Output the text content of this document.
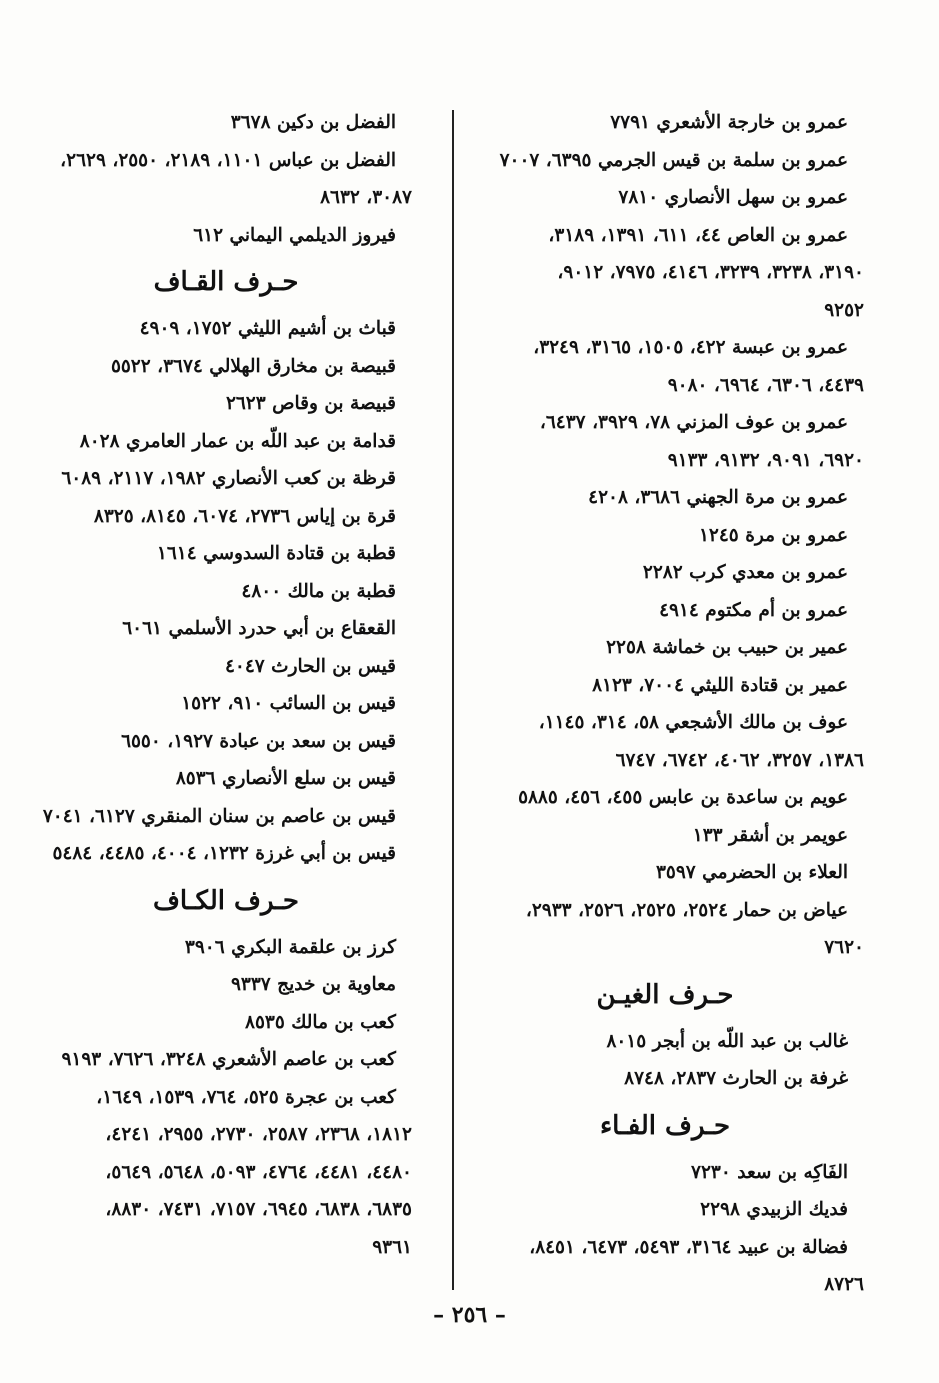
عمرو بن خارجة الأشعري ٧٧٩١
عمرو بن سلمة بن قيس الجرمي ٦٣٩٥، ٧٠٠٧
عمرو بن سهل الأنصاري ٧٨١٠
عمرو بن العاص ٤٤، ٦١١، ١٣٩١، ٣١٨٩،
٣١٩٠، ٣٢٣٨، ٣٢٣٩، ٤١٤٦، ٧٩٧٥، ٩٠١٢،
٩٢٥٢
عمرو بن عبسة ٤٢٢، ١٥٠٥، ٣١٦٥، ٣٢٤٩،
٤٤٣٩، ٦٣٠٦، ٦٩٦٤، ٩٠٨٠
عمرو بن عوف المزني ٧٨، ٣٩٢٩، ٦٤٣٧،
٦٩٢٠، ٩٠٩١، ٩١٣٢، ٩١٣٣
عمرو بن مرة الجهني ٣٦٨٦، ٤٢٠٨
عمرو بن مرة ١٢٤٥
عمرو بن معدي كرب ٢٢٨٢
عمرو بن أم مكتوم ٤٩١٤
عمير بن حبيب بن خماشة ٢٢٥٨
عمير بن قتادة الليثي ٧٠٠٤، ٨١٢٣
عوف بن مالك الأشجعي ٥٨، ٣١٤، ١١٤٥،
١٣٨٦، ٣٢٥٧، ٤٠٦٢، ٦٧٤٢، ٦٧٤٧
عويم بن ساعدة بن عابس ٤٥٥، ٤٥٦، ٥٨٨٥
عويمر بن أشقر ١٣٣
العلاء بن الحضرمي ٣٥٩٧
عياض بن حمار ٢٥٢٤، ٢٥٢٥، ٢٥٢٦، ٢٩٣٣،
٧٦٢٠
حـرف الغيـن
غالب بن عبد اللّه بن أبجر ٨٠١٥
غرفة بن الحارث ٢٨٣٧، ٨٧٤٨
حـرف الفـاء
الفَاكِه بن سعد ٧٢٣٠
فديك الزبيدي ٢٢٩٨
فضالة بن عبيد ٣١٦٤، ٥٤٩٣، ٦٤٧٣، ٨٤٥١،
٨٧٢٦
الفضل بن دكين ٣٦٧٨
الفضل بن عباس ١١٠١، ٢١٨٩، ٢٥٥٠، ٢٦٢٩،
٣٠٨٧، ٨٦٣٢
فيروز الديلمي اليماني ٦١٢
حـرف القـاف
قباث بن أشيم الليثي ١٧٥٢، ٤٩٠٩
قبيصة بن مخارق الهلالي ٣٦٧٤، ٥٥٢٢
قبيصة بن وقاص ٢٦٢٣
قدامة بن عبد اللّه بن عمار العامري ٨٠٢٨
قرظة بن كعب الأنصاري ١٩٨٢، ٢١١٧، ٦٠٨٩
قرة بن إياس ٢٧٣٦، ٦٠٧٤، ٨١٤٥، ٨٣٢٥
قطبة بن قتادة السدوسي ١٦١٤
قطبة بن مالك ٤٨٠٠
القعقاع بن أبي حدرد الأسلمي ٦٠٦١
قيس بن الحارث ٤٠٤٧
قيس بن السائب ٩١٠، ١٥٢٢
قيس بن سعد بن عبادة ١٩٢٧، ٦٥٥٠
قيس بن سلع الأنصاري ٨٥٣٦
قيس بن عاصم بن سنان المنقري ٦١٢٧، ٧٠٤١
قيس بن أبي غرزة ١٢٣٢، ٤٠٠٤، ٤٤٨٥، ٥٤٨٤
حـرف الكـاف
كرز بن علقمة البكري ٣٩٠٦
معاوية بن خديج ٩٣٣٧
كعب بن مالك ٨٥٣٥
كعب بن عاصم الأشعري ٣٢٤٨، ٧٦٢٦، ٩١٩٣
كعب بن عجرة ٥٢٥، ٧٦٤، ١٥٣٩، ١٦٤٩،
١٨١٢، ٢٣٦٨، ٢٥٨٧، ٢٧٣٠، ٢٩٥٥، ٤٢٤١،
٤٤٨٠، ٤٤٨١، ٤٧٦٤، ٥٠٩٣، ٥٦٤٨، ٥٦٤٩،
٦٨٣٥، ٦٨٣٨، ٦٩٤٥، ٧١٥٧، ٧٤٣١، ٨٨٣٠،
٩٣٦١
– ٢٥٦ –
